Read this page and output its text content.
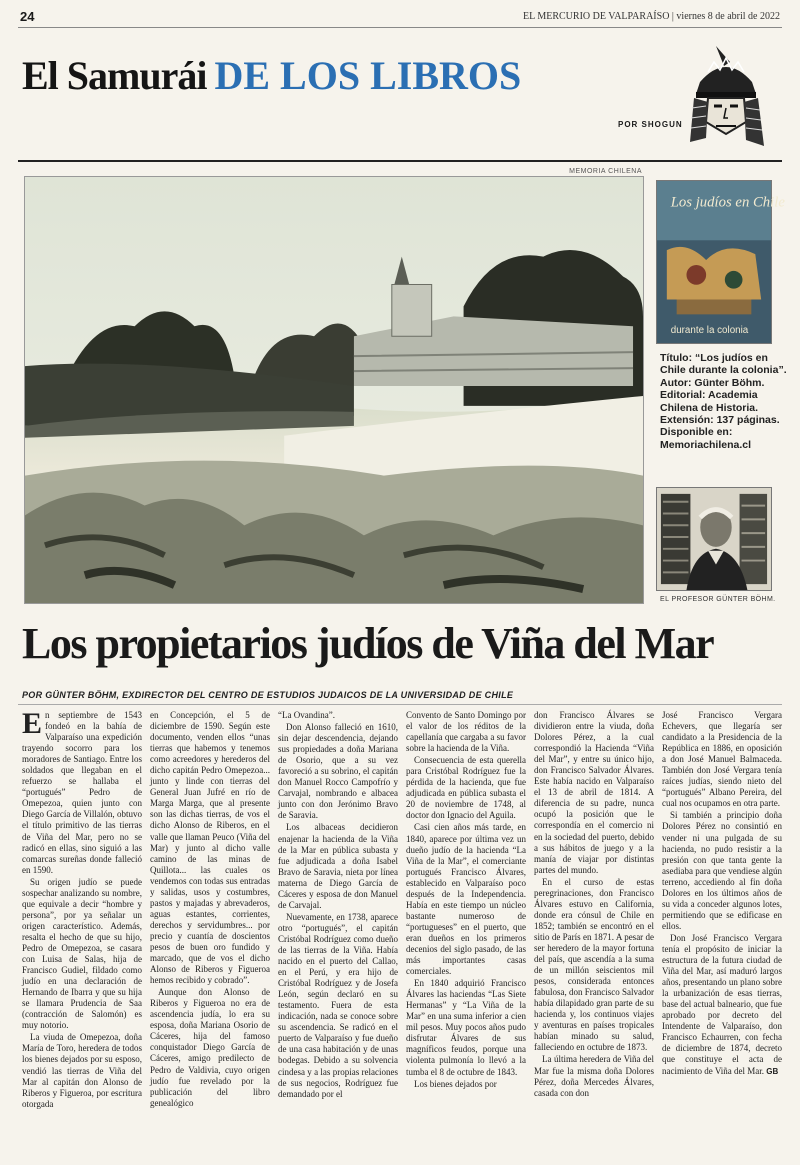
24	EL MERCURIO DE VALPARAÍSO | viernes 8 de abril de 2022
El Samurái DE LOS LIBROS
POR SHOGUN
MEMORIA CHILENA
Los judíos en Chile
durante la colonia
Título: “Los judíos en Chile durante la colonia”.
Autor: Günter Böhm.
Editorial: Academia Chilena de Historia.
Extensión: 137 páginas.
Disponible en: Memoriachilena.cl
EL PROFESOR GÜNTER BÖHM.
Los propietarios judíos de Viña del Mar
POR GÜNTER BÖHM, EXDIRECTOR DEL CENTRO DE ESTUDIOS JUDAICOS DE LA UNIVERSIDAD DE CHILE

En septiembre de 1543 fondeó en la bahía de Valparaíso una expedición trayendo socorro para los moradores de Santiago. Entre los soldados que llegaban en el refuerzo se hallaba el “portugués” Pedro de Omepezoa, quien junto con Diego García de Villalón, obtuvo el título primitivo de las tierras de Viña del Mar, pero no se radicó en ellas, sino siguió a las comarcas sureñas donde falleció en 1590.

Su origen judío se puede sospechar analizando su nombre, que equivale a decir “hombre y persona”, por ya señalar un origen característico. Además, resalta el hecho de que su hijo, Pedro de Omepezoa, se casara con Luisa de Salas, hija de Francisco Gudiel, fildado como judío en una declaración de Hernando de Ibarra y que su hija se llamara Prudencia de Saa (contracción de Salomón) es muy notorio.

La viuda de Omepezoa, doña María de Toro, heredera de todos los bienes dejados por su esposo, vendió las tierras de Viña del Mar al capitán don Alonso de Riberos y Figueroa, por escritura otorgada

en Concepción, el 5 de diciembre de 1590. Según este documento, venden ellos “unas tierras que habemos y tenemos como acreedores y herederos del dicho capitán Pedro Omepezoa... junto y linde con tierras del General Juan Jufré en río de Marga Marga, que al presente son las dichas tierras, de vos el dicho Alonso de Riberos, en el valle que llaman Peuco (Viña del Mar) y junto al dicho valle camino de las minas de Quillota... las cuales os vendemos con todas sus entradas y salidas, usos y costumbres, pastos y majadas y abrevaderos, aguas estantes, corrientes, derechos y servidumbres... por precio y cuantía de doscientos pesos de buen oro fundido y marcado, que de vos el dicho Alonso de Riberos y Figueroa hemos recibido y cobrado”.

Aunque don Alonso de Riberos y Figueroa no era de ascendencia judía, lo era su esposa, doña Mariana Osorio de Cáceres, hija del famoso conquistador Diego García de Cáceres, amigo predilecto de Pedro de Valdivia, cuyo origen judío fue revelado por la publicación del libro genealógico

“La Ovandina”.

Don Alonso falleció en 1610, sin dejar descendencia, dejando sus propiedades a doña Mariana de Osorio, que a su vez favoreció a su sobrino, el capitán don Manuel Rocco Campofrío y Carvajal, nombrando e albacea junto con don Jerónimo Bravo de Saravia.

Los albaceas decidieron enajenar la hacienda de la Viña de la Mar en pública subasta y fue adjudicada a doña Isabel Bravo de Saravia, nieta por línea materna de Diego García de Cáceres y esposa de don Manuel de Carvajal.

Nuevamente, en 1738, aparece otro “portugués”, el capitán Cristóbal Rodríguez como dueño de las tierras de la Viña. Había nacido en el puerto del Callao, en el Perú, y era hijo de Cristóbal Rodríguez y de Josefa León, según declaró en su testamento. Fuera de esta indicación, nada se conoce sobre su ascendencia. Se radicó en el puerto de Valparaíso y fue dueño de una casa habitación y de unas bodegas. Debido a su solvencia cindesa y a las propias relaciones de sus negocios, Rodríguez fue demandado por el

Convento de Santo Domingo por el valor de los réditos de la capellanía que cargaba a su favor sobre la hacienda de la Viña.

Consecuencia de esta querella para Cristóbal Rodríguez fue la pérdida de la hacienda, que fue adjudicada en pública subasta el 20 de noviembre de 1748, al doctor don Ignacio del Aguila.

Casi cien años más tarde, en 1840, aparece por última vez un dueño judío de la hacienda “La Viña de la Mar”, el comerciante portugués Francisco Álvares, establecido en Valparaíso poco después de la Independencia. Había en este tiempo un núcleo bastante numeroso de “portugueses” en el puerto, que eran dueños en los primeros decenios del siglo pasado, de las más importantes casas comerciales.

En 1840 adquirió Francisco Álvares las haciendas “Las Siete Hermanas” y “La Viña de la Mar” en una suma inferior a cien mil pesos. Muy pocos años pudo disfrutar Álvares de sus magníficos feudos, porque una violenta pulmonía lo llevó a la tumba el 8 de octubre de 1843.

Los bienes dejados por

don Francisco Álvares se dividieron entre la viuda, doña Dolores Pérez, a la cual correspondió la Hacienda “Viña del Mar”, y entre su único hijo, don Francisco Salvador Álvares. Este había nacido en Valparaíso el 13 de abril de 1814. A diferencia de su padre, nunca ocupó la posición que le correspondía en el comercio ni en la sociedad del puerto, debido a sus hábitos de juego y a la manía de viajar por distintas partes del mundo.

En el curso de estas peregrinaciones, don Francisco Álvares estuvo en California, donde era cónsul de Chile en 1852; también se encontró en el sitio de París en 1871. A pesar de ser heredero de la mayor fortuna del país, que ascendía a la suma de un millón seiscientos mil pesos, considerada entonces fabulosa, don Francisco Salvador había dilapidado gran parte de su hacienda y, los continuos viajes y aventuras en países tropicales habían minado su salud, falleciendo en octubre de 1873.

La última heredera de Viña del Mar fue la misma doña Dolores Pérez, doña Mercedes Álvares, casada con don

José Francisco Vergara Echevers, que llegaría ser candidato a la Presidencia de la República en 1886, en oposición a don José Manuel Balmaceda. También don José Vergara tenía raíces judías, siendo nieto del “portugués” Albano Pereira, del cual nos ocupamos en otra parte.

Si también a principio doña Dolores Pérez no consintió en vender ni una pulgada de su hacienda, no pudo resistir a la presión con que tanta gente la asediaba para que vendiese algún terreno, accediendo al fin doña Dolores en los últimos años de su vida a conceder algunos lotes, permitiendo que se edificase en ellos.

Don José Francisco Vergara tenía el propósito de iniciar la estructura de la futura ciudad de Viña del Mar, así maduró largos años, presentando un plano sobre la urbanización de esas tierras, base del actual balneario, que fue aprobado por decreto del Intendente de Valparaíso, don Francisco Echaurren, con fecha de diciembre de 1874, decreto que constituye el acta de nacimiento de Viña del Mar. GB
